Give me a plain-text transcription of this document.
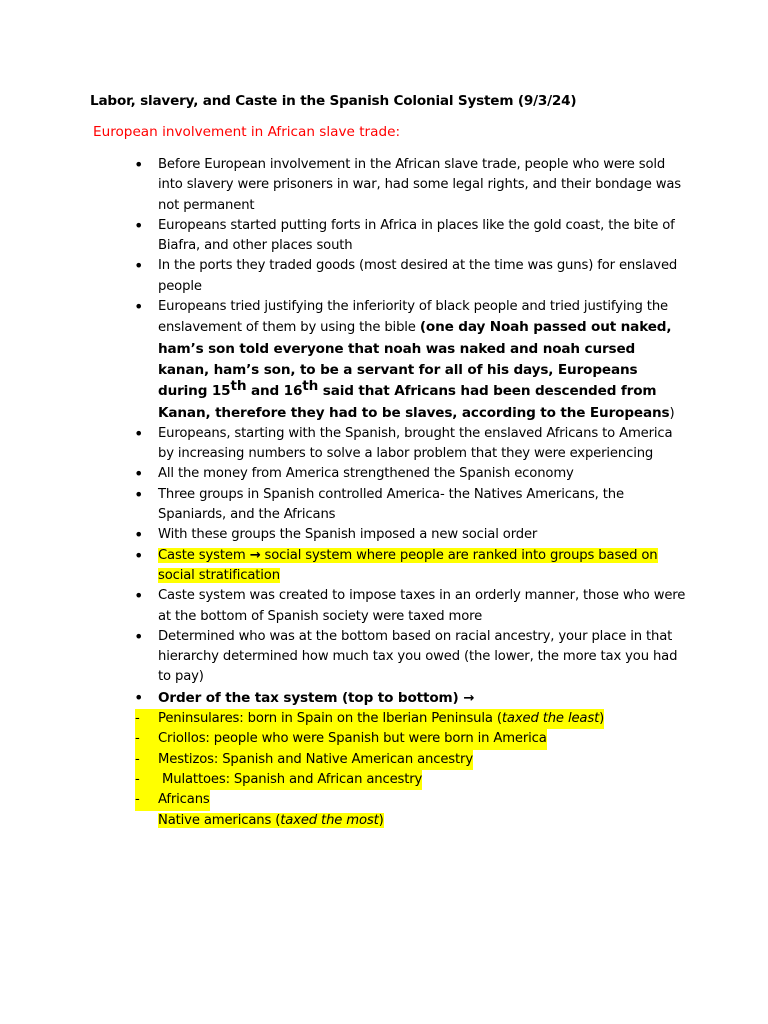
Labor, slavery, and Caste in the Spanish Colonial System (9/3/24)
European involvement in African slave trade:
• Before European involvement in the African slave trade, people who were sold into slavery were prisoners in war, had some legal rights, and their bondage was not permanent
• Europeans started putting forts in Africa in places like the gold coast, the bite of Biafra, and other places south
• In the ports they traded goods (most desired at the time was guns) for enslaved people
• Europeans tried justifying the inferiority of black people and tried justifying the enslavement of them by using the bible (one day Noah passed out naked, ham’s son told everyone that noah was naked and noah cursed kanan, ham’s son, to be a servant for all of his days, Europeans during 15th and 16th said that Africans had been descended from Kanan, therefore they had to be slaves, according to the Europeans)
• Europeans, starting with the Spanish, brought the enslaved Africans to America by increasing numbers to solve a labor problem that they were experiencing
• All the money from America strengthened the Spanish economy
• Three groups in Spanish controlled America- the Natives Americans, the Spaniards, and the Africans
• With these groups the Spanish imposed a new social order
• Caste system → social system where people are ranked into groups based on social stratification
• Caste system was created to impose taxes in an orderly manner, those who were at the bottom of Spanish society were taxed more
• Determined who was at the bottom based on racial ancestry, your place in that hierarchy determined how much tax you owed (the lower, the more tax you had to pay)
• Order of the tax system (top to bottom) →
- Peninsulares: born in Spain on the Iberian Peninsula (taxed the least)
- Criollos: people who were Spanish but were born in America
- Mestizos: Spanish and Native American ancestry
- Mulattoes: Spanish and African ancestry
- Africans
Native americans (taxed the most)
